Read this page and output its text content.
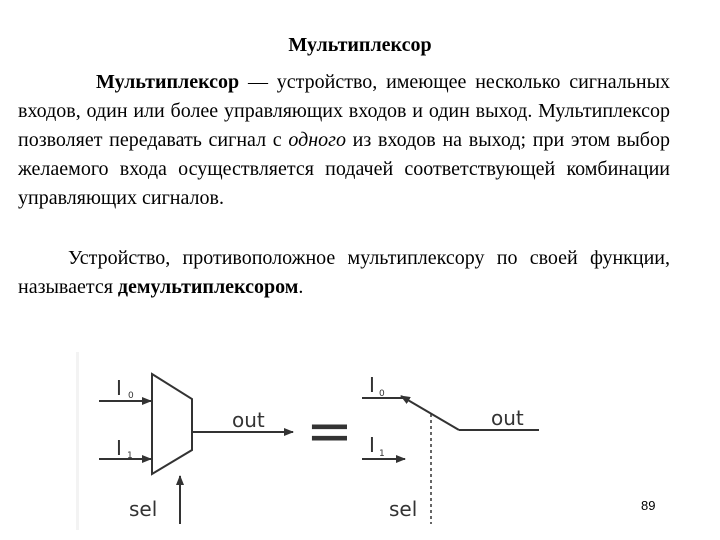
Мультиплексор
Мультиплексор — устройство, имеющее несколько сигнальных входов, один или более управляющих входов и один выход. Мультиплексор позволяет передавать сигнал с одного из входов на выход; при этом выбор желаемого входа осуществляется подачей соответствующей комбинации управляющих сигналов.
Устройство, противоположное мультиплексору по своей функции, называется демультиплексором.
I 0
I 1
out
sel
=
I 0
I 1
out
sel	89
